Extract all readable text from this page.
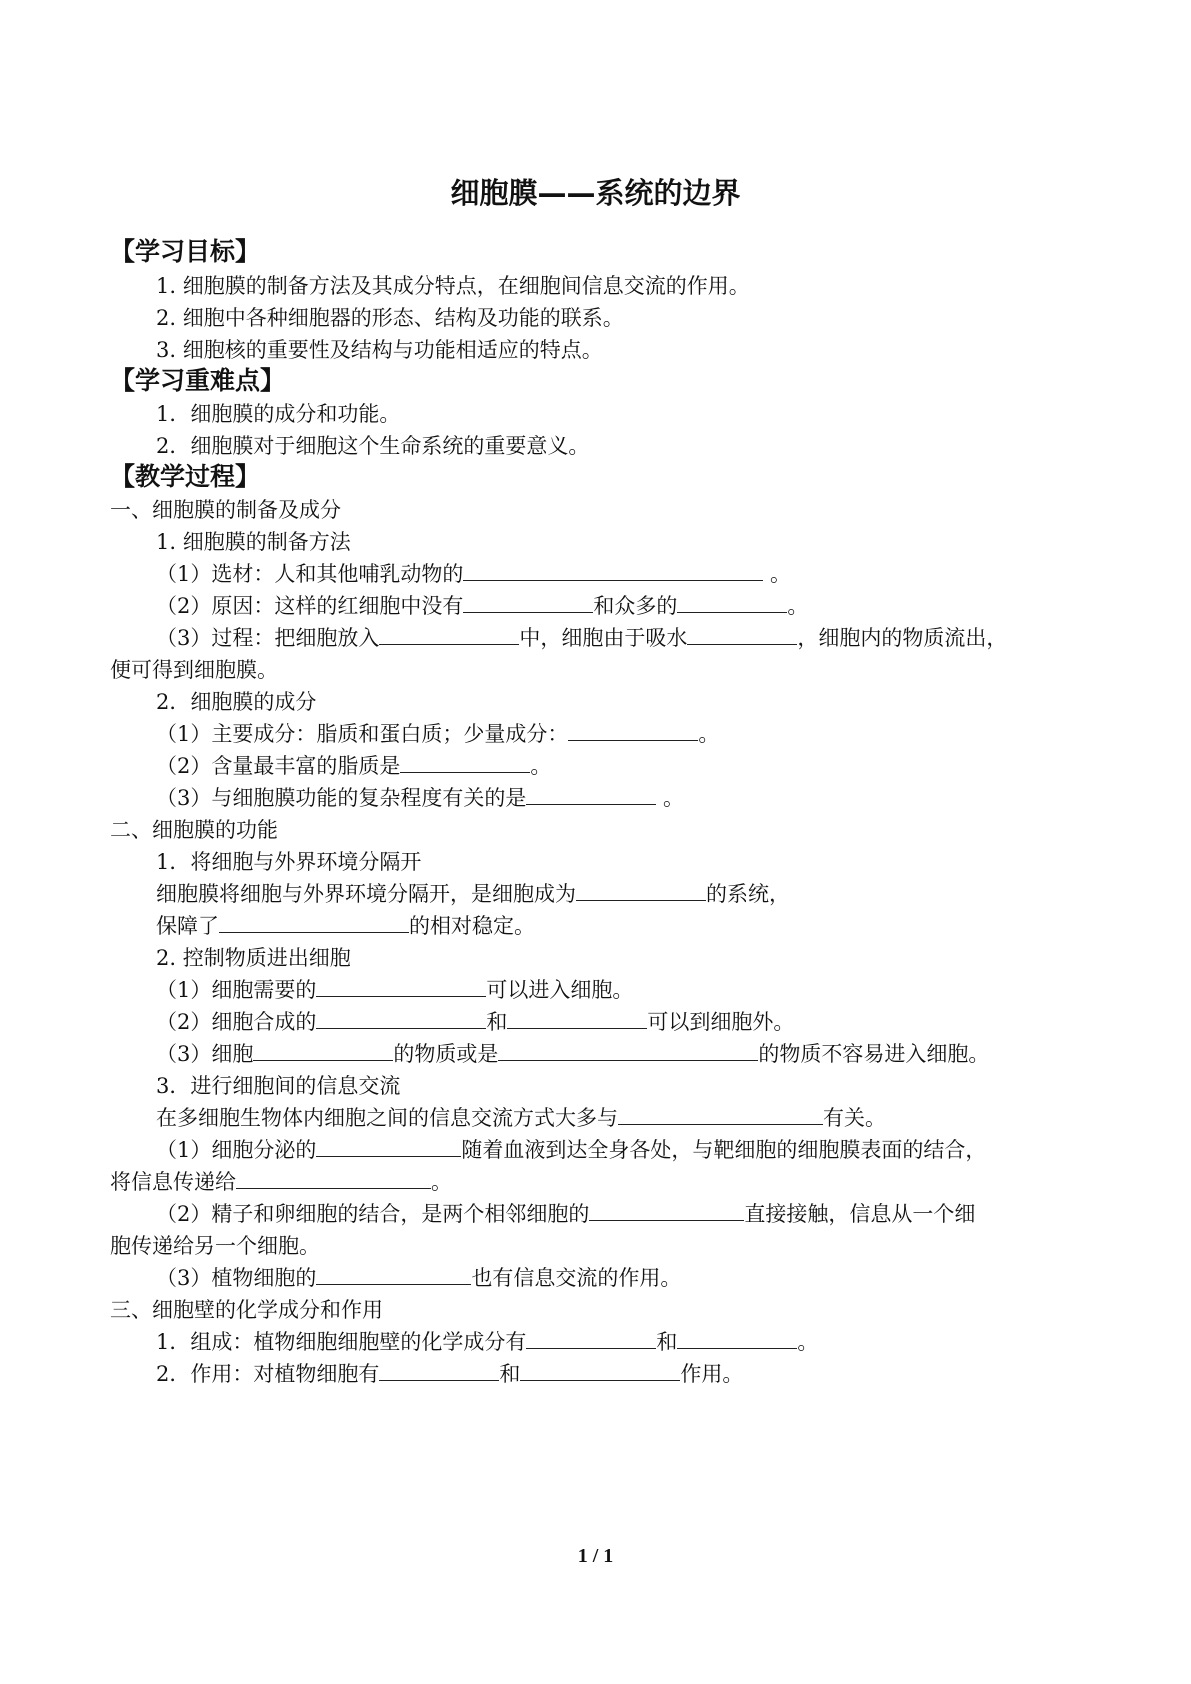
细胞膜——系统的边界
【学习目标】
1. 细胞膜的制备方法及其成分特点，在细胞间信息交流的作用。
2. 细胞中各种细胞器的形态、结构及功能的联系。
3. 细胞核的重要性及结构与功能相适应的特点。
【学习重难点】
1．细胞膜的成分和功能。
2．细胞膜对于细胞这个生命系统的重要意义。
【教学过程】
一、细胞膜的制备及成分
1. 细胞膜的制备方法
（1）选材：人和其他哺乳动物的	。
（2）原因：这样的红细胞中没有	和众多的	。
（3）过程：把细胞放入	中，细胞由于吸水	，细胞内的物质流出，
便可得到细胞膜。
2．细胞膜的成分
（1）主要成分：脂质和蛋白质；少量成分：	。
（2）含量最丰富的脂质是	。
（3）与细胞膜功能的复杂程度有关的是	。
二、细胞膜的功能
1．将细胞与外界环境分隔开
细胞膜将细胞与外界环境分隔开，是细胞成为	的系统，
保障了	的相对稳定。
2. 控制物质进出细胞
（1）细胞需要的	可以进入细胞。
（2）细胞合成的	和	可以到细胞外。
（3）细胞	的物质或是	的物质不容易进入细胞。
3．进行细胞间的信息交流
在多细胞生物体内细胞之间的信息交流方式大多与	有关。
（1）细胞分泌的	随着血液到达全身各处，与靶细胞的细胞膜表面的结合，
将信息传递给	。
（2）精子和卵细胞的结合，是两个相邻细胞的	直接接触，信息从一个细
胞传递给另一个细胞。
（3）植物细胞的	也有信息交流的作用。
三、细胞壁的化学成分和作用
1．组成：植物细胞细胞壁的化学成分有	和	。
2．作用：对植物细胞有	和	作用。
1 / 1
